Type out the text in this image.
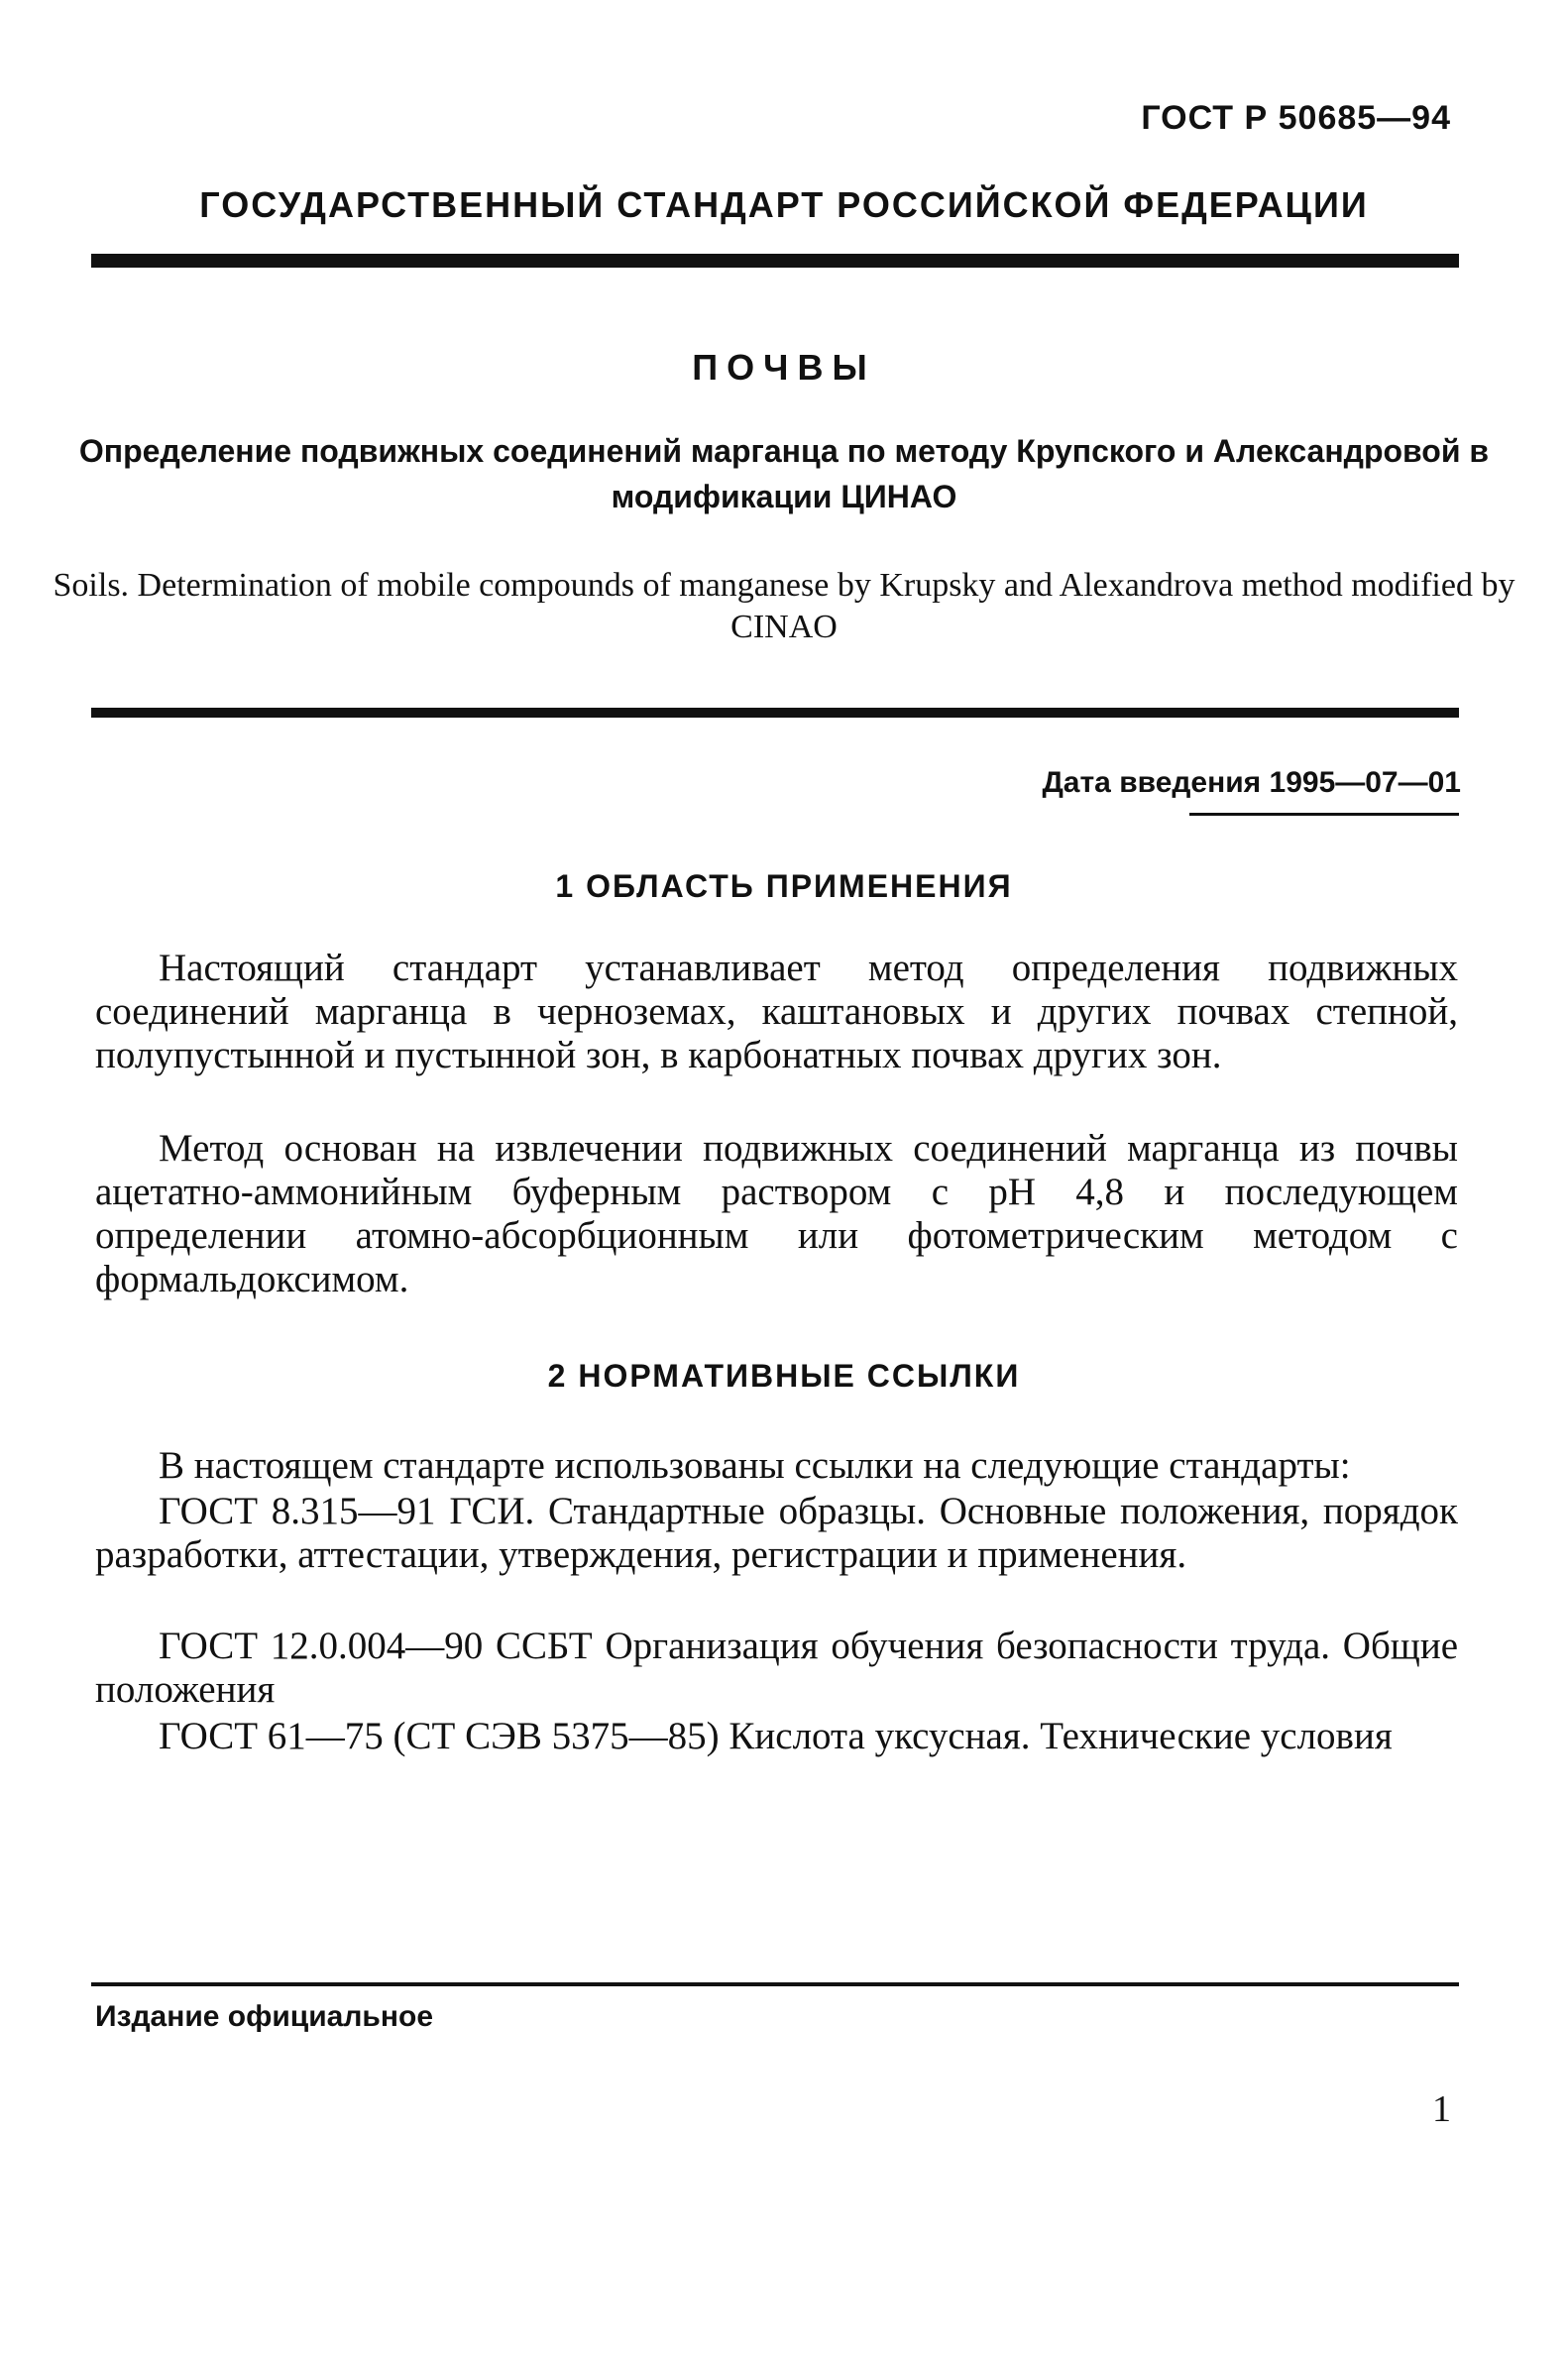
ГОСТ Р 50685—94
ГОСУДАРСТВЕННЫЙ СТАНДАРТ РОССИЙСКОЙ ФЕДЕРАЦИИ
ПОЧВЫ
Определение подвижных соединений марганца по методу Крупского и Александровой в модификации ЦИНАО
Soils. Determination of mobile compounds of manganese by Krupsky and Alexandrova method modified by CINAO
Дата введения 1995—07—01
1 ОБЛАСТЬ ПРИМЕНЕНИЯ
Настоящий стандарт устанавливает метод определения подвижных соединений марганца в черноземах, каштановых и других почвах степной, полупустынной и пустынной зон, в карбонатных почвах других зон.
Метод основан на извлечении подвижных соединений марганца из почвы ацетатно-аммонийным буферным раствором с рН 4,8 и последующем определении атомно-абсорбционным или фотометрическим методом с формальдоксимом.
2 НОРМАТИВНЫЕ ССЫЛКИ
В настоящем стандарте использованы ссылки на следующие стандарты:
ГОСТ 8.315—91 ГСИ. Стандартные образцы. Основные положения, порядок разработки, аттестации, утверждения, регистрации и применения.
ГОСТ 12.0.004—90 ССБТ Организация обучения безопасности труда. Общие положения
ГОСТ 61—75 (СТ СЭВ 5375—85) Кислота уксусная. Технические условия
Издание официальное
1
